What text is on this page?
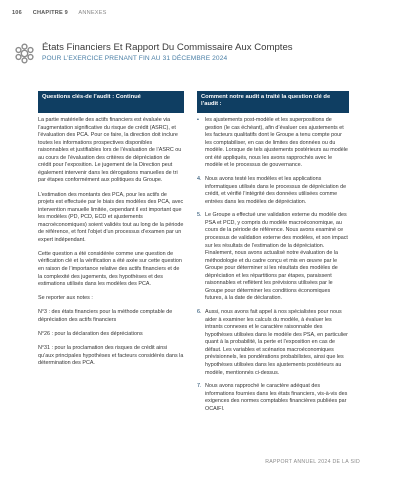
106 CHAPITRE 9 ANNEXES
États Financiers Et Rapport Du Commissaire Aux Comptes
POUR L’EXERCICE PRENANT FIN AU 31 DÉCEMBRE 2024
Questions clés-de l’audit : Continué

La partie matérielle des actifs financiers est évaluée via l’augmentation significative du risque de crédit (ASRC), et l’évaluation des PCA. Pour ce faire, la direction doit inclure toutes les informations prospectives disponibles raisonnables et justifiables lors de l’évaluation de l’ASRC ou au cours de l’évaluation des critères de dépréciation de crédit pour l’exposition. Le jugement de la Direction peut également intervenir dans les dérogations manuelles de tri par étapes conformément aux politiques du Groupe.

L’estimation des montants des PCA, pour les actifs de projets est effectuée par le biais des modèles des PCA, avec intervention manuelle limitée, cependant il est important que les modèles (PD, PCD, ECD et ajustements macroéconomiques) soient validés tout au long de la période de référence, et font l’objet d’un processus d’examen par un expert indépendant.

Cette question a été considérée comme une question de vérification clé et la vérification a été axée sur cette question en raison de l’importance relative des actifs financiers et de la complexité des jugements, des hypothèses et des estimations utilisés dans les modèles des PCA.

Se reporter aux notes :

N°3 : des états financiers pour la méthode comptable de dépréciation des actifs financiers

N°26 : pour la déclaration des dépréciations

N°31 : pour la proclamation des risques de crédit ainsi qu’aux principales hypothèses et facteurs considérés dans la détermination des PCA.

Comment notre audit a traité la question clé de l’audit :
• les ajustements post-modèle et les superpositions de gestion (le cas échéant), afin d’évaluer ces ajustements et les facteurs qualitatifs dont le Groupe a tenu compte pour les comptabiliser, en cas de limites des données ou du modèle. Lorsque de tels ajustements postérieurs au modèle ont été appliqués, nous les avons rapprochés avec le modèle et le processus de gouvernance.
4. Nous avons testé les modèles et les applications informatiques utilisés dans le processus de dépréciation de crédit, et vérifié l’intégrité des données utilisées comme entrées dans les modèles de dépréciation.
5. Le Groupe a effectué une validation externe du modèle des PSA et PCD, y compris du modèle macroéconomique, au cours de la période de référence. Nous avons examiné ce processus de validation externe des modèles, et son impact sur les résultats de l’estimation de la dépréciation. Finalement, nous avons actualisé notre évaluation de la méthodologie et du cadre conçu et mis en œuvre par le Groupe pour déterminer si les résultats des modèles de dépréciation et les répartitions par étapes, paraissent raisonnables et reflètent les prévisions utilisées par le Groupe pour déterminer les conditions économiques futures, à la date de déclaration.
6. Aussi, nous avons fait appel à nos spécialistes pour nous aider à examiner les calculs du modèle, à évaluer les intrants connexes et le caractère raisonnable des hypothèses utilisées dans le modèle des PSA, en particulier quant à la probabilité, la perte et l’exposition en cas de défaut. Les variables et scénarios macroéconomiques prévisionnels, les pondérations probabilistes, ainsi que les hypothèses utilisées dans les ajustements postérieurs au modèle, mentionnés ci-dessus.
7. Nous avons rapproché le caractère adéquat des informations fournies dans les états financiers, vis-à-vis des exigences des normes comptables financières publiées par OCAIFI.
RAPPORT ANNUEL 2024 DE LA SID
